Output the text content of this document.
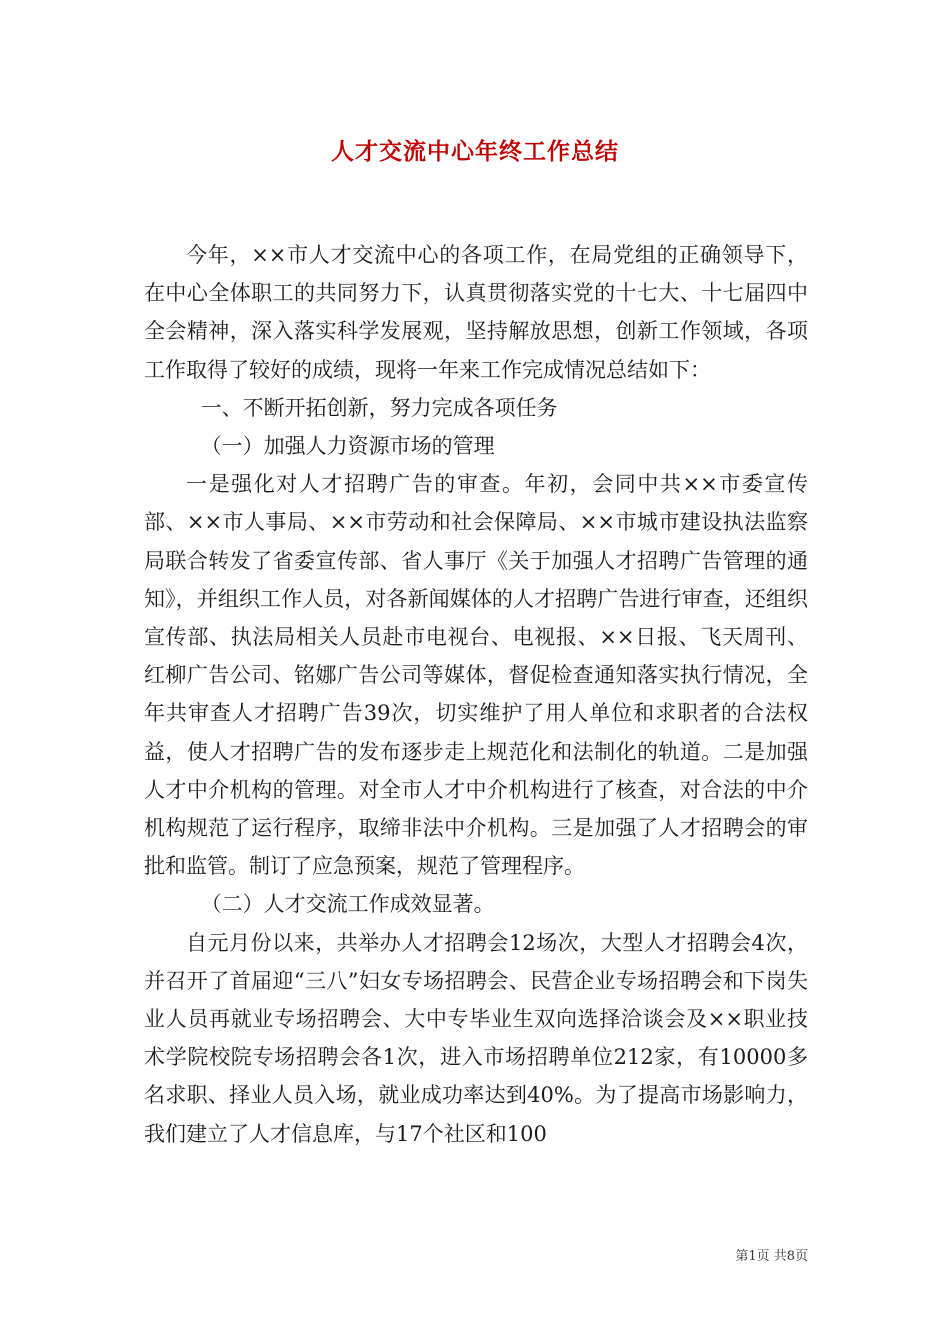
人才交流中心年终工作总结

今年，××市人才交流中心的各项工作，在局党组的正确领导下，在中心全体职工的共同努力下，认真贯彻落实党的十七大、十七届四中全会精神，深入落实科学发展观，坚持解放思想，创新工作领域，各项工作取得了较好的成绩，现将一年来工作完成情况总结如下：

一、不断开拓创新，努力完成各项任务

（一）加强人力资源市场的管理

一是强化对人才招聘广告的审查。年初，会同中共××市委宣传部、××市人事局、××市劳动和社会保障局、××市城市建设执法监察局联合转发了省委宣传部、省人事厅《关于加强人才招聘广告管理的通知》，并组织工作人员，对各新闻媒体的人才招聘广告进行审查，还组织宣传部、执法局相关人员赴市电视台、电视报、××日报、飞天周刊、红柳广告公司、铭娜广告公司等媒体，督促检查通知落实执行情况，全年共审查人才招聘广告39次，切实维护了用人单位和求职者的合法权益，使人才招聘广告的发布逐步走上规范化和法制化的轨道。二是加强人才中介机构的管理。对全市人才中介机构进行了核查，对合法的中介机构规范了运行程序，取缔非法中介机构。三是加强了人才招聘会的审批和监管。制订了应急预案，规范了管理程序。

（二）人才交流工作成效显著。

自元月份以来，共举办人才招聘会12场次，大型人才招聘会4次，并召开了首届迎“三八”妇女专场招聘会、民营企业专场招聘会和下岗失业人员再就业专场招聘会、大中专毕业生双向选择洽谈会及××职业技术学院校院专场招聘会各1次，进入市场招聘单位212家，有10000多名求职、择业人员入场，就业成功率达到40%。为了提高市场影响力，我们建立了人才信息库，与17个社区和100

第1页 共8页
